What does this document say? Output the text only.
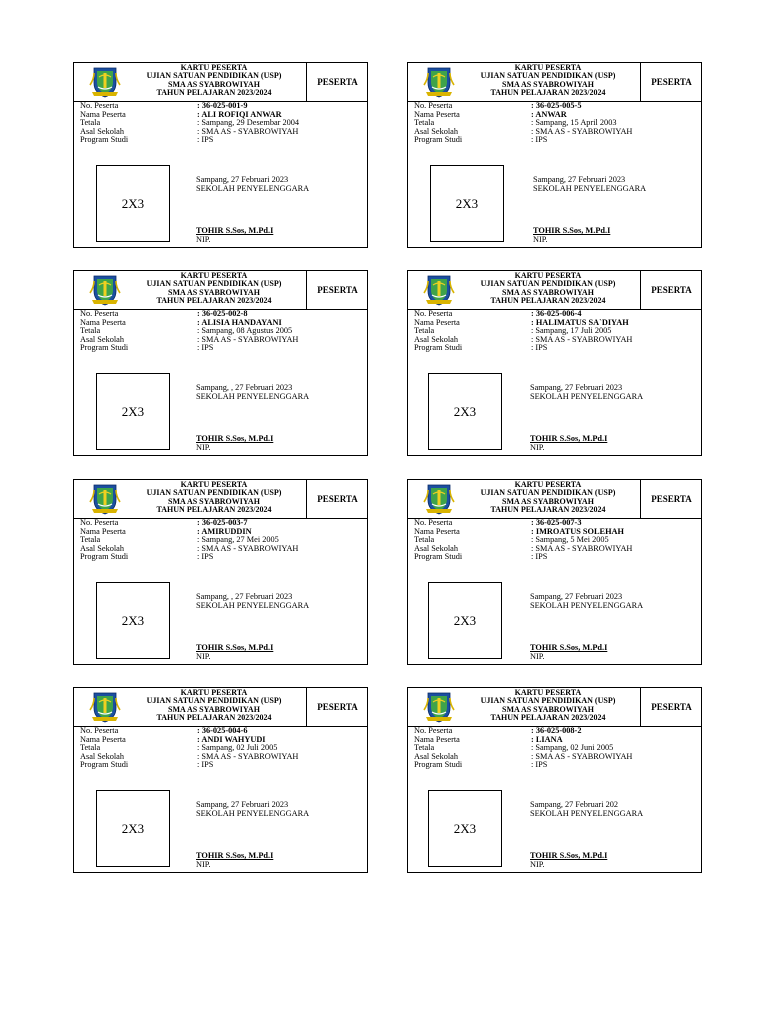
KARTU PESERTA
UJIAN SATUAN PENDIDIKAN (USP)
SMA AS SYABROWIYAH
TAHUN PELAJARAN 2023/2024
PESERTA
No. Peserta	: 36-025-001-9
Nama Peserta	: ALI ROFIQI ANWAR
Tetala	: Sampang, 29 Desembar 2004
Asal Sekolah	: SMA AS - SYABROWIYAH
Program Studi	: IPS
2X3
Sampang, 27 Februari 2023
SEKOLAH PENYELENGGARA
TOHIR S.Sos, M.Pd.I
NIP.
KARTU PESERTA
UJIAN SATUAN PENDIDIKAN (USP)
SMA AS SYABROWIYAH
TAHUN PELAJARAN 2023/2024
PESERTA
No. Peserta	: 36-025-005-5
Nama Peserta	: ANWAR
Tetala	: Sampang, 15 April 2003
Asal Sekolah	: SMA AS - SYABROWIYAH
Program Studi	: IPS
2X3
Sampang, 27 Februari 2023
SEKOLAH PENYELENGGARA
TOHIR S.Sos, M.Pd.I
NIP.
KARTU PESERTA
UJIAN SATUAN PENDIDIKAN (USP)
SMA AS SYABROWIYAH
TAHUN PELAJARAN 2023/2024
PESERTA
No. Peserta	: 36-025-002-8
Nama Peserta	: ALISIA HANDAYANI
Tetala	: Sampang, 08 Agustus 2005
Asal Sekolah	: SMA AS - SYABROWIYAH
Program Studi	: IPS
2X3
Sampang, , 27 Februari 2023
SEKOLAH PENYELENGGARA
TOHIR S.Sos, M.Pd.I
NIP.
KARTU PESERTA
UJIAN SATUAN PENDIDIKAN (USP)
SMA AS SYABROWIYAH
TAHUN PELAJARAN 2023/2024
PESERTA
No. Peserta	: 36-025-006-4
Nama Peserta	: HALIMATUS SA`DIYAH
Tetala	: Sampang, 17 Juli 2005
Asal Sekolah	: SMA AS - SYABROWIYAH
Program Studi	: IPS
2X3
Sampang, 27 Februari 2023
SEKOLAH PENYELENGGARA
TOHIR S.Sos, M.Pd.I
NIP.
KARTU PESERTA
UJIAN SATUAN PENDIDIKAN (USP)
SMA AS SYABROWIYAH
TAHUN PELAJARAN 2023/2024
PESERTA
No. Peserta	: 36-025-003-7
Nama Peserta	: AMIRUDDIN
Tetala	: Sampang, 27 Mei 2005
Asal Sekolah	: SMA AS - SYABROWIYAH
Program Studi	: IPS
2X3
Sampang, , 27 Februari 2023
SEKOLAH PENYELENGGARA
TOHIR S.Sos, M.Pd.I
NIP.
KARTU PESERTA
UJIAN SATUAN PENDIDIKAN (USP)
SMA AS SYABROWIYAH
TAHUN PELAJARAN 2023/2024
PESERTA
No. Peserta	: 36-025-007-3
Nama Peserta	: IMROATUS SOLEHAH
Tetala	: Sampang, 5 Mei 2005
Asal Sekolah	: SMA AS - SYABROWIYAH
Program Studi	: IPS
2X3
Sampang, 27 Februari 2023
SEKOLAH PENYELENGGARA
TOHIR S.Sos, M.Pd.I
NIP.
KARTU PESERTA
UJIAN SATUAN PENDIDIKAN (USP)
SMA AS SYABROWIYAH
TAHUN PELAJARAN 2023/2024
PESERTA
No. Peserta	: 36-025-004-6
Nama Peserta	: ANDI WAHYUDI
Tetala	: Sampang, 02 Juli 2005
Asal Sekolah	: SMA AS - SYABROWIYAH
Program Studi	: IPS
2X3
Sampang, 27 Februari 2023
SEKOLAH PENYELENGGARA
TOHIR S.Sos, M.Pd.I
NIP.
KARTU PESERTA
UJIAN SATUAN PENDIDIKAN (USP)
SMA AS SYABROWIYAH
TAHUN PELAJARAN 2023/2024
PESERTA
No. Peserta	: 36-025-008-2
Nama Peserta	: LIANA
Tetala	: Sampang, 02 Juni 2005
Asal Sekolah	: SMA AS - SYABROWIYAH
Program Studi	: IPS
2X3
Sampang, 27 Februari 202
SEKOLAH PENYELENGGARA
TOHIR S.Sos, M.Pd.I
NIP.
